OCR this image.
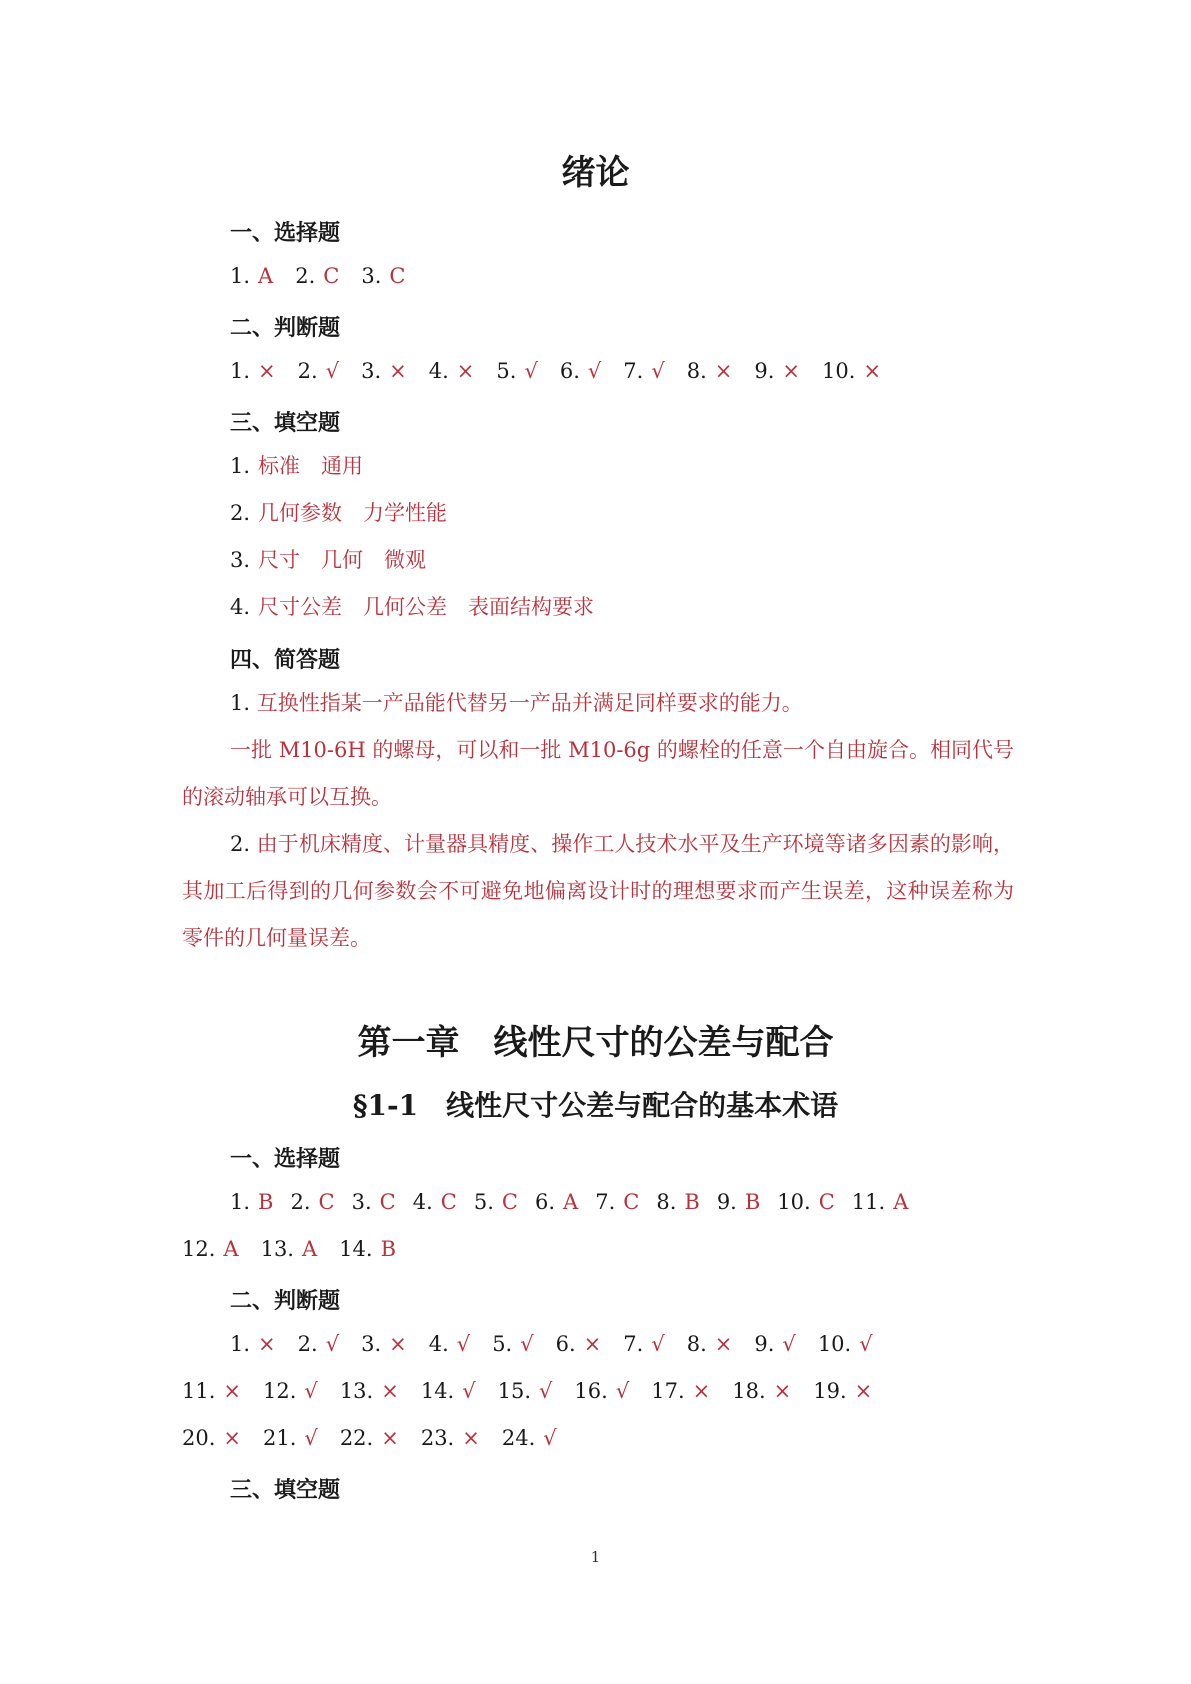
绪论
一、选择题
1. A 2. C 3. C
二、判断题
1. × 2. √ 3. × 4. × 5. √ 6. √ 7. √ 8. × 9. × 10. ×
三、填空题
1. 标准　通用
2. 几何参数　力学性能
3. 尺寸　几何　微观
4. 尺寸公差　几何公差　表面结构要求
四、简答题
1. 互换性指某一产品能代替另一产品并满足同样要求的能力。
一批 M10-6H 的螺母，可以和一批 M10-6g 的螺栓的任意一个自由旋合。相同代号的滚动轴承可以互换。
2. 由于机床精度、计量器具精度、操作工人技术水平及生产环境等诸多因素的影响，其加工后得到的几何参数会不可避免地偏离设计时的理想要求而产生误差，这种误差称为零件的几何量误差。
第一章　线性尺寸的公差与配合
§1-1　线性尺寸公差与配合的基本术语
一、选择题
1. B 2. C 3. C 4. C 5. C 6. A 7. C 8. B 9. B 10. C 11. A
12. A 13. A 14. B
二、判断题
1. × 2. √ 3. × 4. √ 5. √ 6. × 7. √ 8. × 9. √ 10. √
11. × 12. √ 13. × 14. √ 15. √ 16. √ 17. × 18. × 19. ×
20. × 21. √ 22. × 23. × 24. √
三、填空题
1
